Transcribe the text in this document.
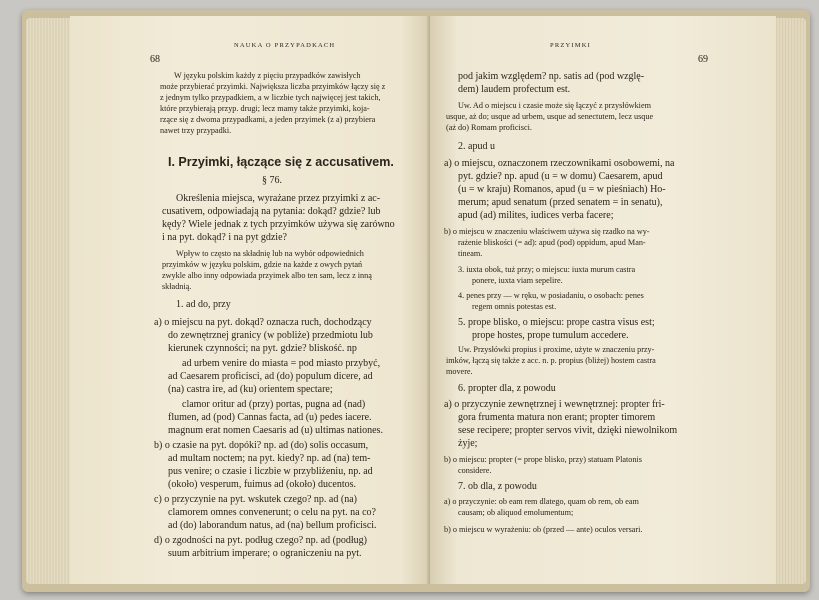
NAUKA O PRZYPADKACH
68
W języku polskim każdy z pięciu przypadków zawisłych
może przybierać przyimki. Największa liczba przyimków łączy się z
z jednym tylko przypadkiem, a w liczbie tych najwięcej jest takich,
które przybierają przyp. drugi; lecz mamy także przyimki, koja-
rzące się z dwoma przypadkami, a jeden przyimek (z a) przybiera
nawet trzy przypadki.
I. Przyimki, łączące się z accusativem.
§ 76.
Określenia miejsca, wyrażane przez przyimki z ac-
cusativem, odpowiadają na pytania: dokąd? gdzie? lub
kędy? Wiele jednak z tych przyimków używa się zarówno
i na pyt. dokąd? i na pyt gdzie?
Wpływ to często na składnię lub na wybór odpowiednich
przyimków w języku polskim, gdzie na każde z owych pytań
zwykle albo inny odpowiada przyimek albo ten sam, lecz z inną
składnią.
1. ad do, przy
a) o miejscu na pyt. dokąd? oznacza ruch, dochodzący
do zewnętrznej granicy (w pobliże) przedmiotu lub
kierunek czynności; na pyt. gdzie? bliskość. np
ad urbem venire do miasta = pod miasto przybyć,
ad Caesarem proficisci, ad (do) populum dicere, ad
(na) castra ire, ad (ku) orientem spectare;
clamor oritur ad (przy) portas, pugna ad (nad)
flumen, ad (pod) Cannas facta, ad (u) pedes iacere.
magnum erat nomen Caesaris ad (u) ultimas nationes.
b) o czasie na pyt. dopóki? np. ad (do) solis occasum,
ad multam noctem; na pyt. kiedy? np. ad (na) tem-
pus venire; o czasie i liczbie w przybliżeniu, np. ad
(około) vesperum, fuimus ad (około) ducentos.
c) o przyczynie na pyt. wskutek czego? np. ad (na)
clamorem omnes convenerunt; o celu na pyt. na co?
ad (do) laborandum natus, ad (na) bellum proficisci.
d) o zgodności na pyt. podług czego? np. ad (podług)
suum arbitrium imperare; o ograniczeniu na pyt.
PRZYIMKI
69
pod jakim względem? np. satis ad (pod wzglę-
dem) laudem profectum est.
Uw. Ad o miejscu i czasie może się łączyć z przysłówkiem
usque, aż do; usque ad urbem, usque ad senectutem, lecz usque
(aż do) Romam proficisci.
2. apud u
a) o miejscu, oznaczonem rzeczownikami osobowemi, na
pyt. gdzie? np. apud (u = w domu) Caesarem, apud
(u = w kraju) Romanos, apud (u = w pieśniach) Ho-
merum; apud senatum (przed senatem = in senatu),
apud (ad) milites, iudices verba facere;
b) o miejscu w znaczeniu właściwem używa się rzadko na wy-
rażenie bliskości (= ad): apud (pod) oppidum, apud Man-
tineam.
3. iuxta obok, tuż przy; o miejscu: iuxta murum castra
ponere, iuxta viam sepelire.
4. penes przy — w ręku, w posiadaniu, o osobach: penes
regem omnis potestas est.
5. prope blisko, o miejscu: prope castra visus est;
prope hostes, prope tumulum accedere.
Uw. Przysłówki propius i proxime, użyte w znaczeniu przy-
imków, łączą się także z acc. n. p. propius (bliżej) hostem castra
movere.
6. propter dla, z powodu
a) o przyczynie zewnętrznej i wewnętrznej: propter fri-
gora frumenta matura non erant; propter timorem
sese recipere; propter servos vivit, dzięki niewolnikom
żyje;
b) o miejscu: propter (= prope blisko, przy) statuam Platonis
considere.
7. ob dla, z powodu
a) o przyczynie: ob eam rem dlatego, quam ob rem, ob eam
causam; ob aliquod emolumentum;
b) o miejscu w wyrażeniu: ob (przed — ante) oculos versari.
